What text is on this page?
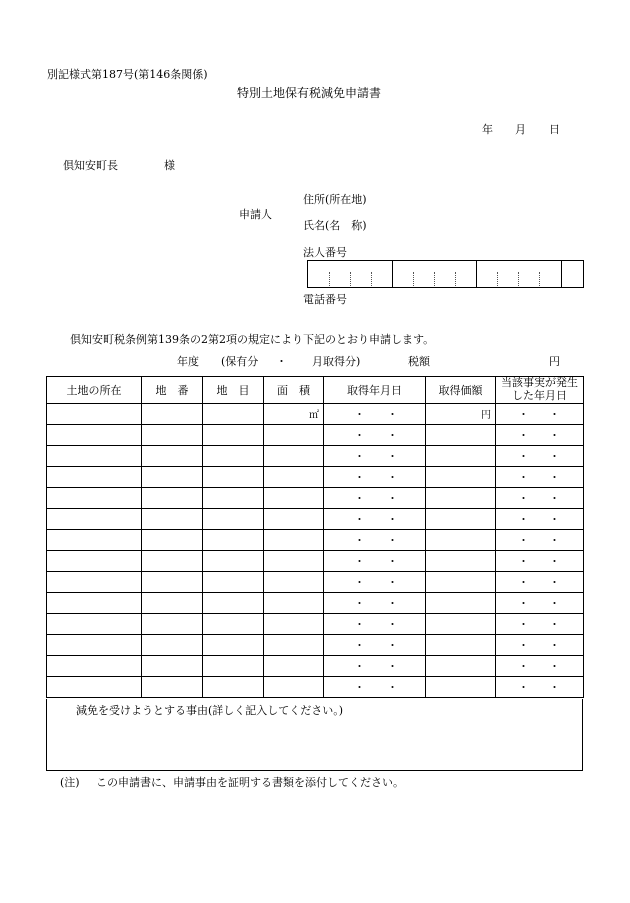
別記様式第187号(第146条関係)
特別土地保有税減免申請書
年 月 日
倶知安町長	様
申請人
住所(所在地)
氏名(名　称)
法人番号
電話番号
倶知安町税条例第139条の2第2項の規定により下記のとおり申請します。
年度 (保有分 ・ 月取得分)	税額	円
土地の所在	地　番	地　目	面　積	取得年月日	取得価額	当該事実が発生した年月日

			㎡	・ ・	円	・ ・

				・ ・		・ ・

				・ ・		・ ・

				・ ・		・ ・

				・ ・		・ ・

				・ ・		・ ・

				・ ・		・ ・

				・ ・		・ ・

				・ ・		・ ・

				・ ・		・ ・

				・ ・		・ ・

				・ ・		・ ・

				・ ・		・ ・

				・ ・		・ ・
減免を受けようとする事由(詳しく記入してください。)
(注) この申請書に、申請事由を証明する書類を添付してください。
